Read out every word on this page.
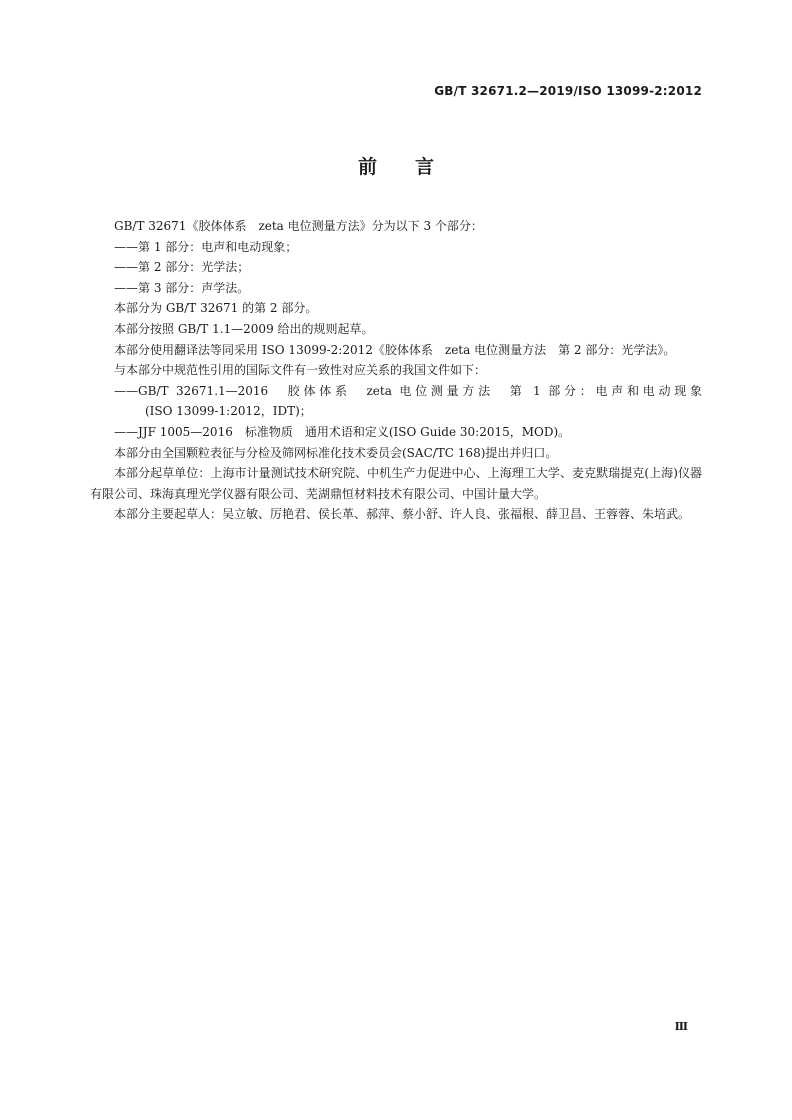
GB/T 32671.2—2019/ISO 13099-2:2012
前言

GB/T 32671《胶体体系　zeta 电位测量方法》分为以下 3 个部分：

——第 1 部分：电声和电动现象；

——第 2 部分：光学法；

——第 3 部分：声学法。

本部分为 GB/T 32671 的第 2 部分。

本部分按照 GB/T 1.1—2009 给出的规则起草。

本部分使用翻译法等同采用 ISO 13099-2:2012《胶体体系　zeta 电位测量方法　第 2 部分：光学法》。

与本部分中规范性引用的国际文件有一致性对应关系的我国文件如下：

——GB/T 32671.1—2016　胶体体系　zeta 电位测量方法　第 1 部分：电声和电动现象

(ISO 13099-1:2012，IDT)；

——JJF 1005—2016　标准物质　通用术语和定义(ISO Guide 30:2015，MOD)。

本部分由全国颗粒表征与分检及筛网标准化技术委员会(SAC/TC 168)提出并归口。

本部分起草单位：上海市计量测试技术研究院、中机生产力促进中心、上海理工大学、麦克默瑞提克(上海)仪器有限公司、珠海真理光学仪器有限公司、芜湖鼎恒材料技术有限公司、中国计量大学。

本部分主要起草人：吴立敏、厉艳君、侯长革、郝萍、蔡小舒、许人良、张福根、薛卫昌、王蓉蓉、朱培武。

Ⅲ
